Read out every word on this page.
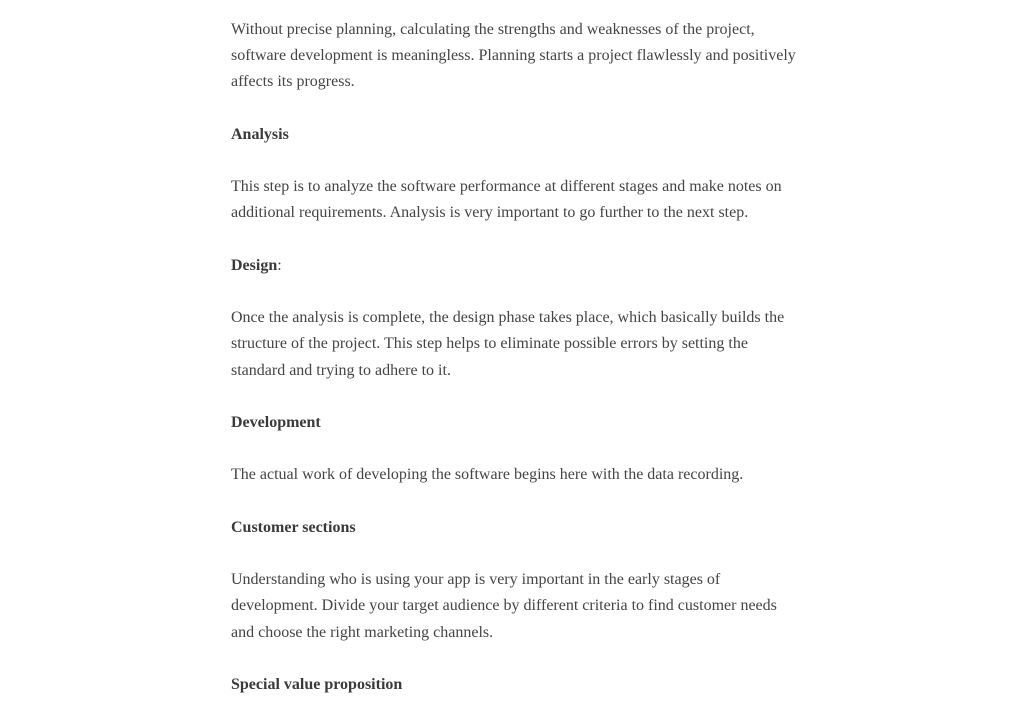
Without precise planning, calculating the strengths and weaknesses of the project, software development is meaningless. Planning starts a project flawlessly and positively affects its progress.

Analysis

This step is to analyze the software performance at different stages and make notes on additional requirements. Analysis is very important to go further to the next step.

Design:

Once the analysis is complete, the design phase takes place, which basically builds the structure of the project. This step helps to eliminate possible errors by setting the standard and trying to adhere to it.

Development

The actual work of developing the software begins here with the data recording.

Customer sections

Understanding who is using your app is very important in the early stages of development. Divide your target audience by different criteria to find customer needs and choose the right marketing channels.

Special value proposition
